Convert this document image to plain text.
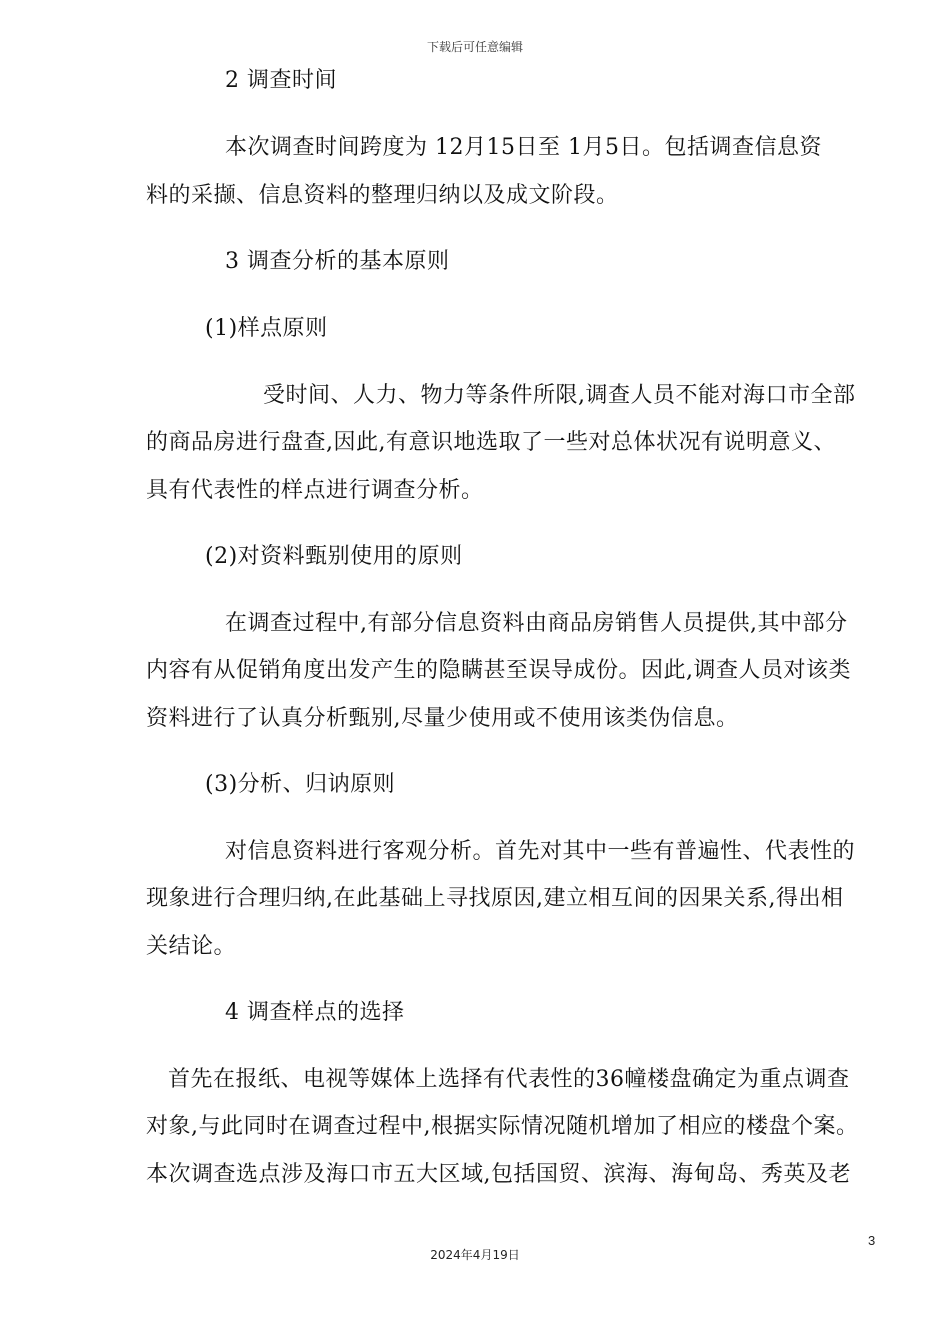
下载后可任意编辑
2 调查时间
本次调查时间跨度为 12月15日至 1月5日。包括调查信息资
料的采撷、信息资料的整理归纳以及成文阶段。
3 调查分析的基本原则
(1)样点原则
受时间、人力、物力等条件所限,调查人员不能对海口市全部
的商品房进行盘查,因此,有意识地选取了一些对总体状况有说明意义、
具有代表性的样点进行调查分析。
(2)对资料甄别使用的原则
在调查过程中,有部分信息资料由商品房销售人员提供,其中部分
内容有从促销角度出发产生的隐瞒甚至误导成份。因此,调查人员对该类
资料进行了认真分析甄别,尽量少使用或不使用该类伪信息。
(3)分析、归讷原则
对信息资料进行客观分析。首先对其中一些有普遍性、代表性的
现象进行合理归纳,在此基础上寻找原因,建立相互间的因果关系,得出相
关结论。
4 调查样点的选择
首先在报纸、电视等媒体上选择有代表性的36幢楼盘确定为重点调查
对象,与此同时在调查过程中,根据实际情况随机增加了相应的楼盘个案。
本次调查选点涉及海口市五大区域,包括国贸、滨海、海甸岛、秀英及老
3
2024年4月19日
